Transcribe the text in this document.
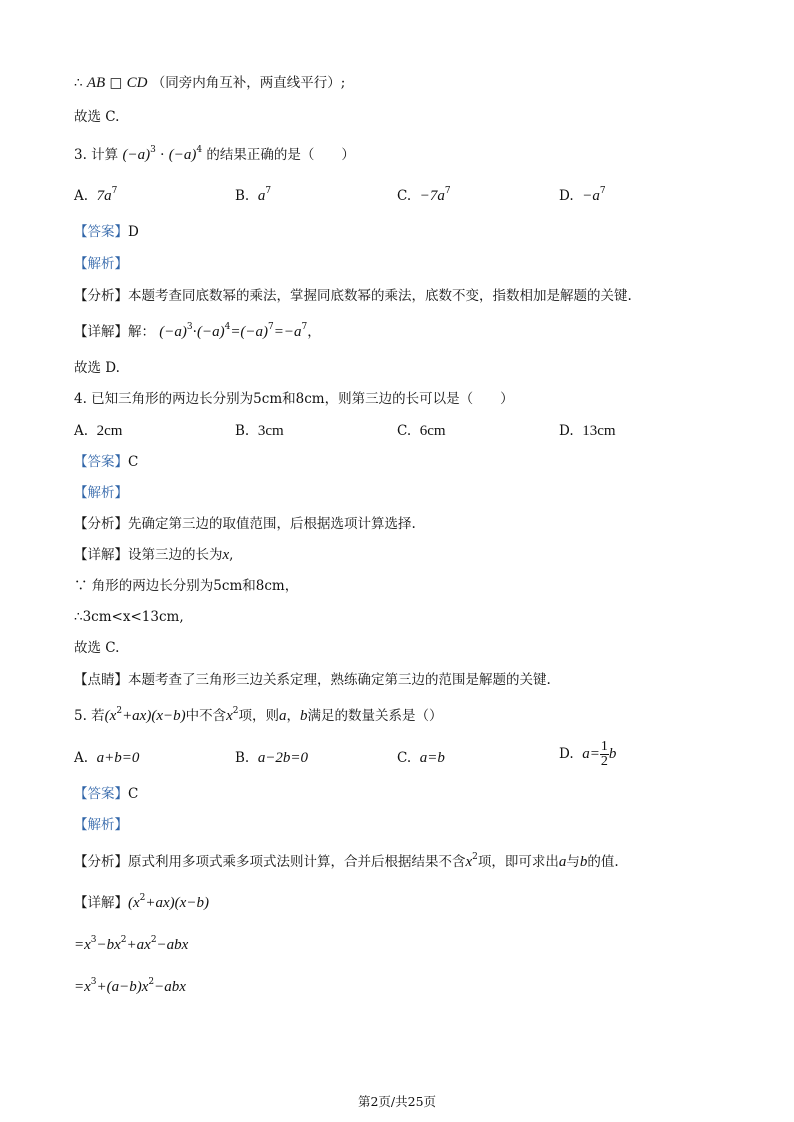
∴ AB □ CD （同旁内角互补，两直线平行）;
故选 C.
3. 计算 $(-a)^3 \cdot (-a)^4$ 的结果正确的是（　　）
A. $7a^7$	B. $a^7$	C. $-7a^7$	D. $-a^7$
【答案】D
【解析】
【分析】本题考查同底数幂的乘法，掌握同底数幂的乘法，底数不变，指数相加是解题的关键.
【详解】解： $(-a)^3\cdot(-a)^4=(-a)^7=-a^7$，
故选 D.
4. 已知三角形的两边长分别为5cm和8cm，则第三边的长可以是（　　）
A. 2cm	B. 3cm	C. 6cm	D. 13cm
【答案】C
【解析】
【分析】先确定第三边的取值范围，后根据选项计算选择.
【详解】设第三边的长为x,
∵ 角形的两边长分别为5cm和8cm，
∴3cm<x<13cm,
故选 C.
【点睛】本题考查了三角形三边关系定理，熟练确定第三边的范围是解题的关键.
5. 若$(x^2+ax)(x-b)$中不含$x^2$项，则a，b满足的数量关系是（）
A. a+b=0	B. a−2b=0	C. a=b	D. $a= \frac{1}{2}$ b
【答案】C
【解析】
【分析】原式利用多项式乘多项式法则计算，合并后根据结果不含$x^2$项，即可求出a与b的值.
【详解】$(x^2+ax)(x-b)$
$=x^3-bx^2+ax^2-abx$
$=x^3+(a-b)x^2-abx$
第2页/共25页
